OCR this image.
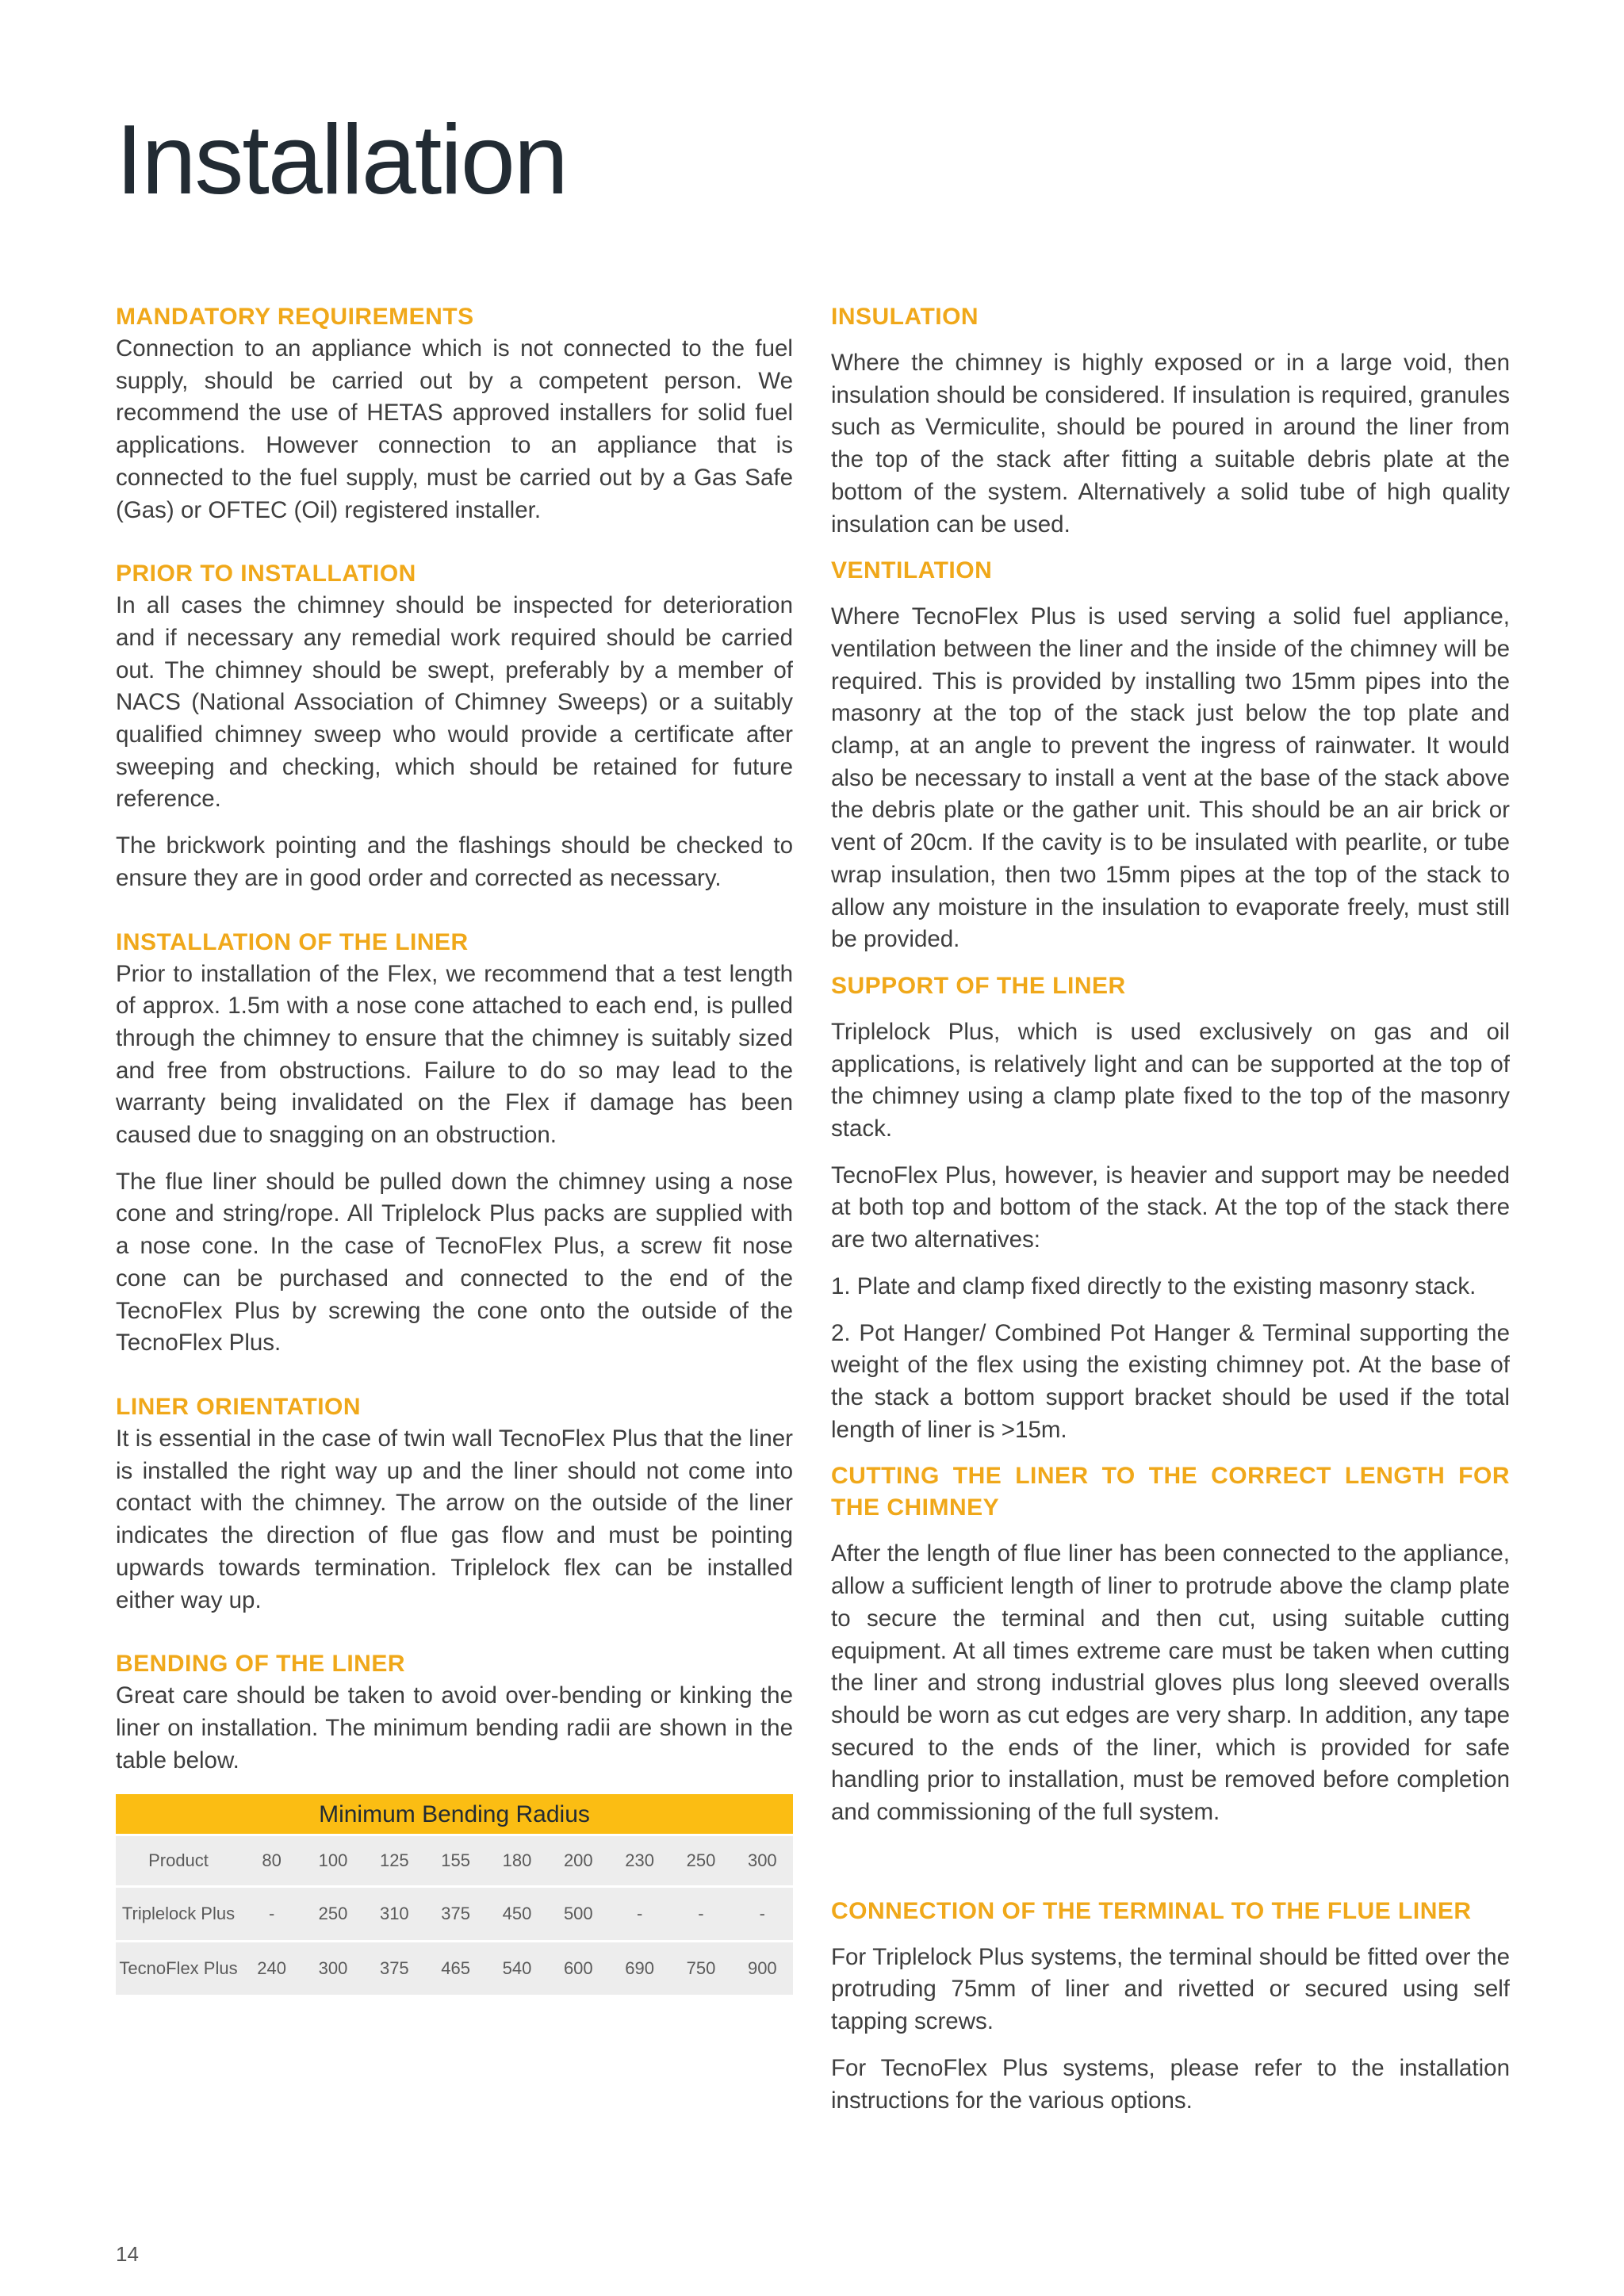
Installation
MANDATORY REQUIREMENTS

Connection to an appliance which is not connected to the fuel supply, should be carried out by a competent person. We recommend the use of HETAS approved installers for solid fuel applications. However connection to an appliance that is connected to the fuel supply, must be carried out by a Gas Safe (Gas) or OFTEC (Oil) registered installer.

PRIOR TO INSTALLATION

In all cases the chimney should be inspected for deterioration and if necessary any remedial work required should be carried out. The chimney should be swept, preferably by a member of NACS (National Association of Chimney Sweeps) or a suitably qualified chimney sweep who would provide a certificate after sweeping and checking, which should be retained for future reference.

The brickwork pointing and the flashings should be checked to ensure they are in good order and corrected as necessary.

INSTALLATION OF THE LINER

Prior to installation of the Flex, we recommend that a test length of approx. 1.5m with a nose cone attached to each end, is pulled through the chimney to ensure that the chimney is suitably sized and free from obstructions. Failure to do so may lead to the warranty being invalidated on the Flex if damage has been caused due to snagging on an obstruction.

The flue liner should be pulled down the chimney using a nose cone and string/rope. All Triplelock Plus packs are supplied with a nose cone. In the case of TecnoFlex Plus, a screw fit nose cone can be purchased and connected to the end of the TecnoFlex Plus by screwing the cone onto the outside of the TecnoFlex Plus.

LINER ORIENTATION

It is essential in the case of twin wall TecnoFlex Plus that the liner is installed the right way up and the liner should not come into contact with the chimney. The arrow on the outside of the liner indicates the direction of flue gas flow and must be pointing upwards towards termination. Triplelock flex can be installed either way up.

BENDING OF THE LINER

Great care should be taken to avoid over-bending or kinking the liner on installation. The minimum bending radii are shown in the table below.

Minimum Bending Radius
Product	80	100	125	155	180	200	230	250	300
Triplelock Plus	-	250	310	375	450	500	-	-	-
TecnoFlex Plus	240	300	375	465	540	600	690	750	900
INSULATION

Where the chimney is highly exposed or in a large void, then insulation should be considered. If insulation is required, granules such as Vermiculite, should be poured in around the liner from the top of the stack after fitting a suitable debris plate at the bottom of the system. Alternatively a solid tube of high quality insulation can be used.

VENTILATION

Where TecnoFlex Plus is used serving a solid fuel appliance, ventilation between the liner and the inside of the chimney will be required. This is provided by installing two 15mm pipes into the masonry at the top of the stack just below the top plate and clamp, at an angle to prevent the ingress of rainwater. It would also be necessary to install a vent at the base of the stack above the debris plate or the gather unit. This should be an air brick or vent of 20cm. If the cavity is to be insulated with pearlite, or tube wrap insulation, then two 15mm pipes at the top of the stack to allow any moisture in the insulation to evaporate freely, must still be provided.

SUPPORT OF THE LINER

Triplelock Plus, which is used exclusively on gas and oil applications, is relatively light and can be supported at the top of the chimney using a clamp plate fixed to the top of the masonry stack.

TecnoFlex Plus, however, is heavier and support may be needed at both top and bottom of the stack. At the top of the stack there are two alternatives:

1. Plate and clamp fixed directly to the existing masonry stack.

2. Pot Hanger/ Combined Pot Hanger & Terminal supporting the weight of the flex using the existing chimney pot. At the base of the stack a bottom support bracket should be used if the total length of liner is >15m.

CUTTING THE LINER TO THE CORRECT LENGTH FOR THE CHIMNEY

After the length of flue liner has been connected to the appliance, allow a sufficient length of liner to protrude above the clamp plate to secure the terminal and then cut, using suitable cutting equipment. At all times extreme care must be taken when cutting the liner and strong industrial gloves plus long sleeved overalls should be worn as cut edges are very sharp. In addition, any tape secured to the ends of the liner, which is provided for safe handling prior to installation, must be removed before completion and commissioning of the full system.

CONNECTION OF THE TERMINAL TO THE FLUE LINER

For Triplelock Plus systems, the terminal should be fitted over the protruding 75mm of liner and rivetted or secured using self tapping screws.

For TecnoFlex Plus systems, please refer to the installation instructions for the various options.

14
